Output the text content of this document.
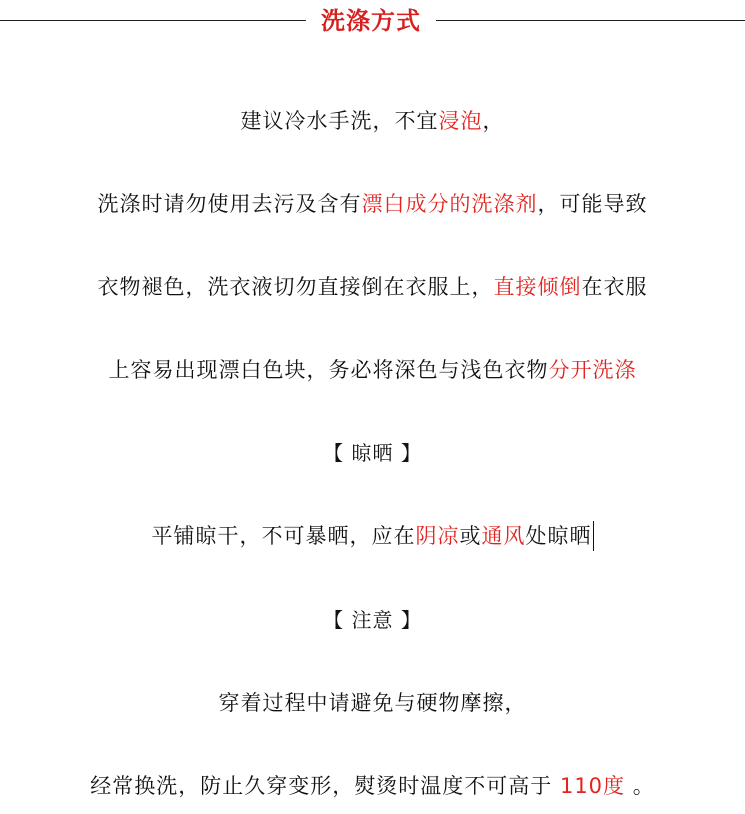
洗涤方式
建议冷水手洗，不宜浸泡，
洗涤时请勿使用去污及含有漂白成分的洗涤剂，可能导致
衣物褪色，洗衣液切勿直接倒在衣服上，直接倾倒在衣服
上容易出现漂白色块，务必将深色与浅色衣物分开洗涤
【 晾晒 】
平铺晾干，不可暴晒，应在阴凉或通风处晾晒
【 注意 】
穿着过程中请避免与硬物摩擦，
经常换洗，防止久穿变形，熨烫时温度不可高于 110度 。
